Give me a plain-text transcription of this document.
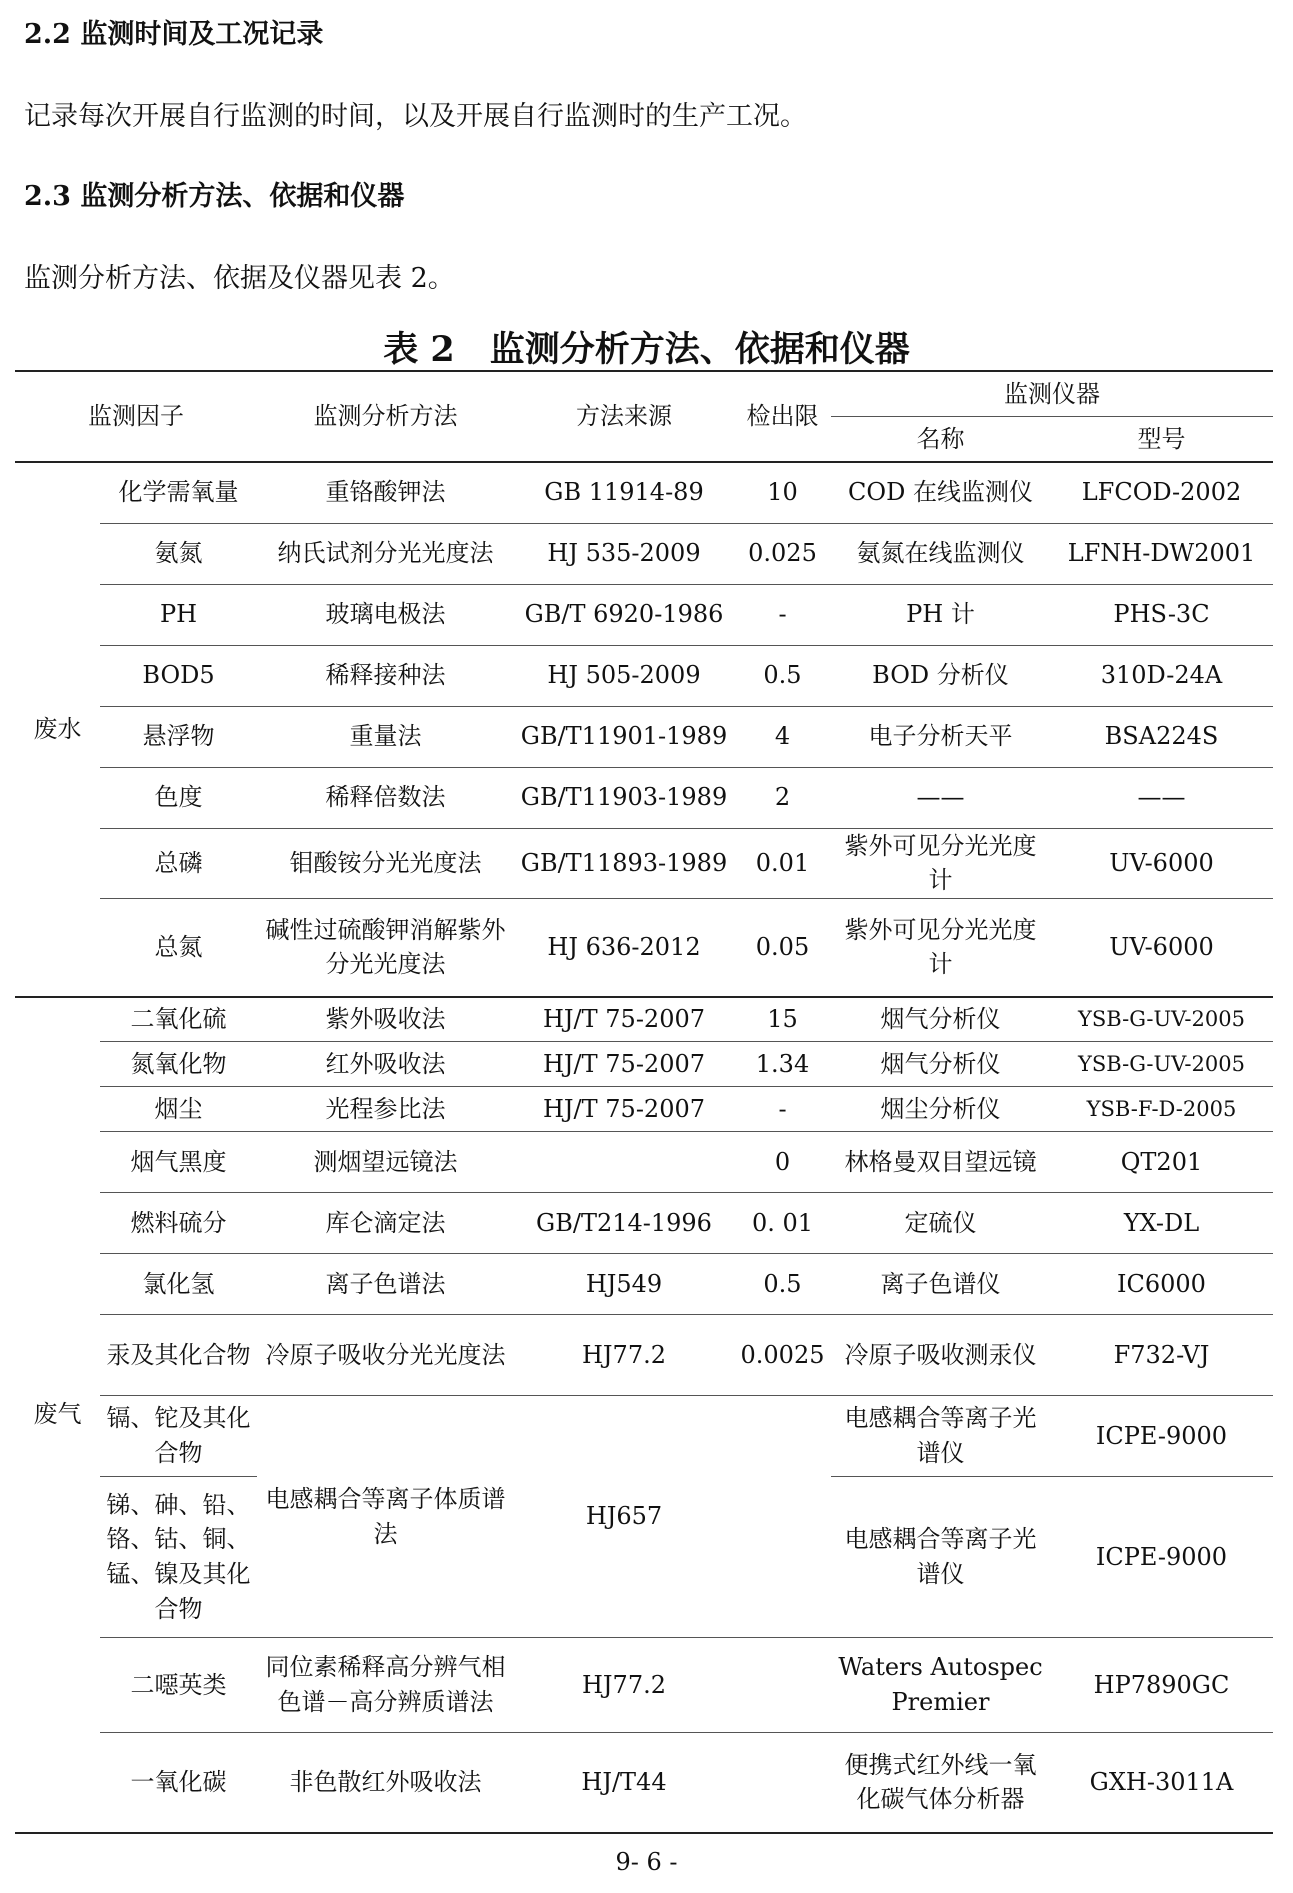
2.2 监测时间及工况记录

记录每次开展自行监测的时间，以及开展自行监测时的生产工况。

2.3 监测分析方法、依据和仪器

监测分析方法、依据及仪器见表 2。

表 2　监测分析方法、依据和仪器
监测因子		监测分析方法	方法来源	检出限	监测仪器	
					名称	型号
废水	化学需氧量	重铬酸钾法	GB 11914-89	10	COD 在线监测仪	LFCOD-2002
	氨氮	纳氏试剂分光光度法	HJ 535-2009	0.025	氨氮在线监测仪	LFNH-DW2001
	PH	玻璃电极法	GB/T 6920-1986	-	PH 计	PHS-3C
	BOD5	稀释接种法	HJ 505-2009	0.5	BOD 分析仪	310D-24A
	悬浮物	重量法	GB/T11901-1989	4	电子分析天平	BSA224S
	色度	稀释倍数法	GB/T11903-1989	2	——	——
	总磷	钼酸铵分光光度法	GB/T11893-1989	0.01	紫外可见分光光度计	UV-6000
	总氮	碱性过硫酸钾消解紫外分光光度法	HJ 636-2012	0.05	紫外可见分光光度计	UV-6000
废气	二氧化硫	紫外吸收法	HJ/T 75-2007	15	烟气分析仪	YSB-G-UV-2005
	氮氧化物	红外吸收法	HJ/T 75-2007	1.34	烟气分析仪	YSB-G-UV-2005
	烟尘	光程参比法	HJ/T 75-2007	-	烟尘分析仪	YSB-F-D-2005
	烟气黑度	测烟望远镜法		0	林格曼双目望远镜	QT201
	燃料硫分	库仑滴定法	GB/T214-1996	0. 01	定硫仪	YX-DL
	氯化氢	离子色谱法	HJ549	0.5	离子色谱仪	IC6000
	汞及其化合物	冷原子吸收分光光度法	HJ77.2	0.0025	冷原子吸收测汞仪	F732-VJ
	镉、铊及其化合物	电感耦合等离子体质谱法	HJ657		电感耦合等离子光谱仪	ICPE-9000
	锑、砷、铅、铬、钴、铜、锰、镍及其化合物				电感耦合等离子光谱仪	ICPE-9000
	二噁英类	同位素稀释高分辨气相色谱－高分辨质谱法	HJ77.2		Waters Autospec Premier	HP7890GC
	一氧化碳	非色散红外吸收法	HJ/T44		便携式红外线一氧化碳气体分析器	GXH-3011A
9- 6 -
